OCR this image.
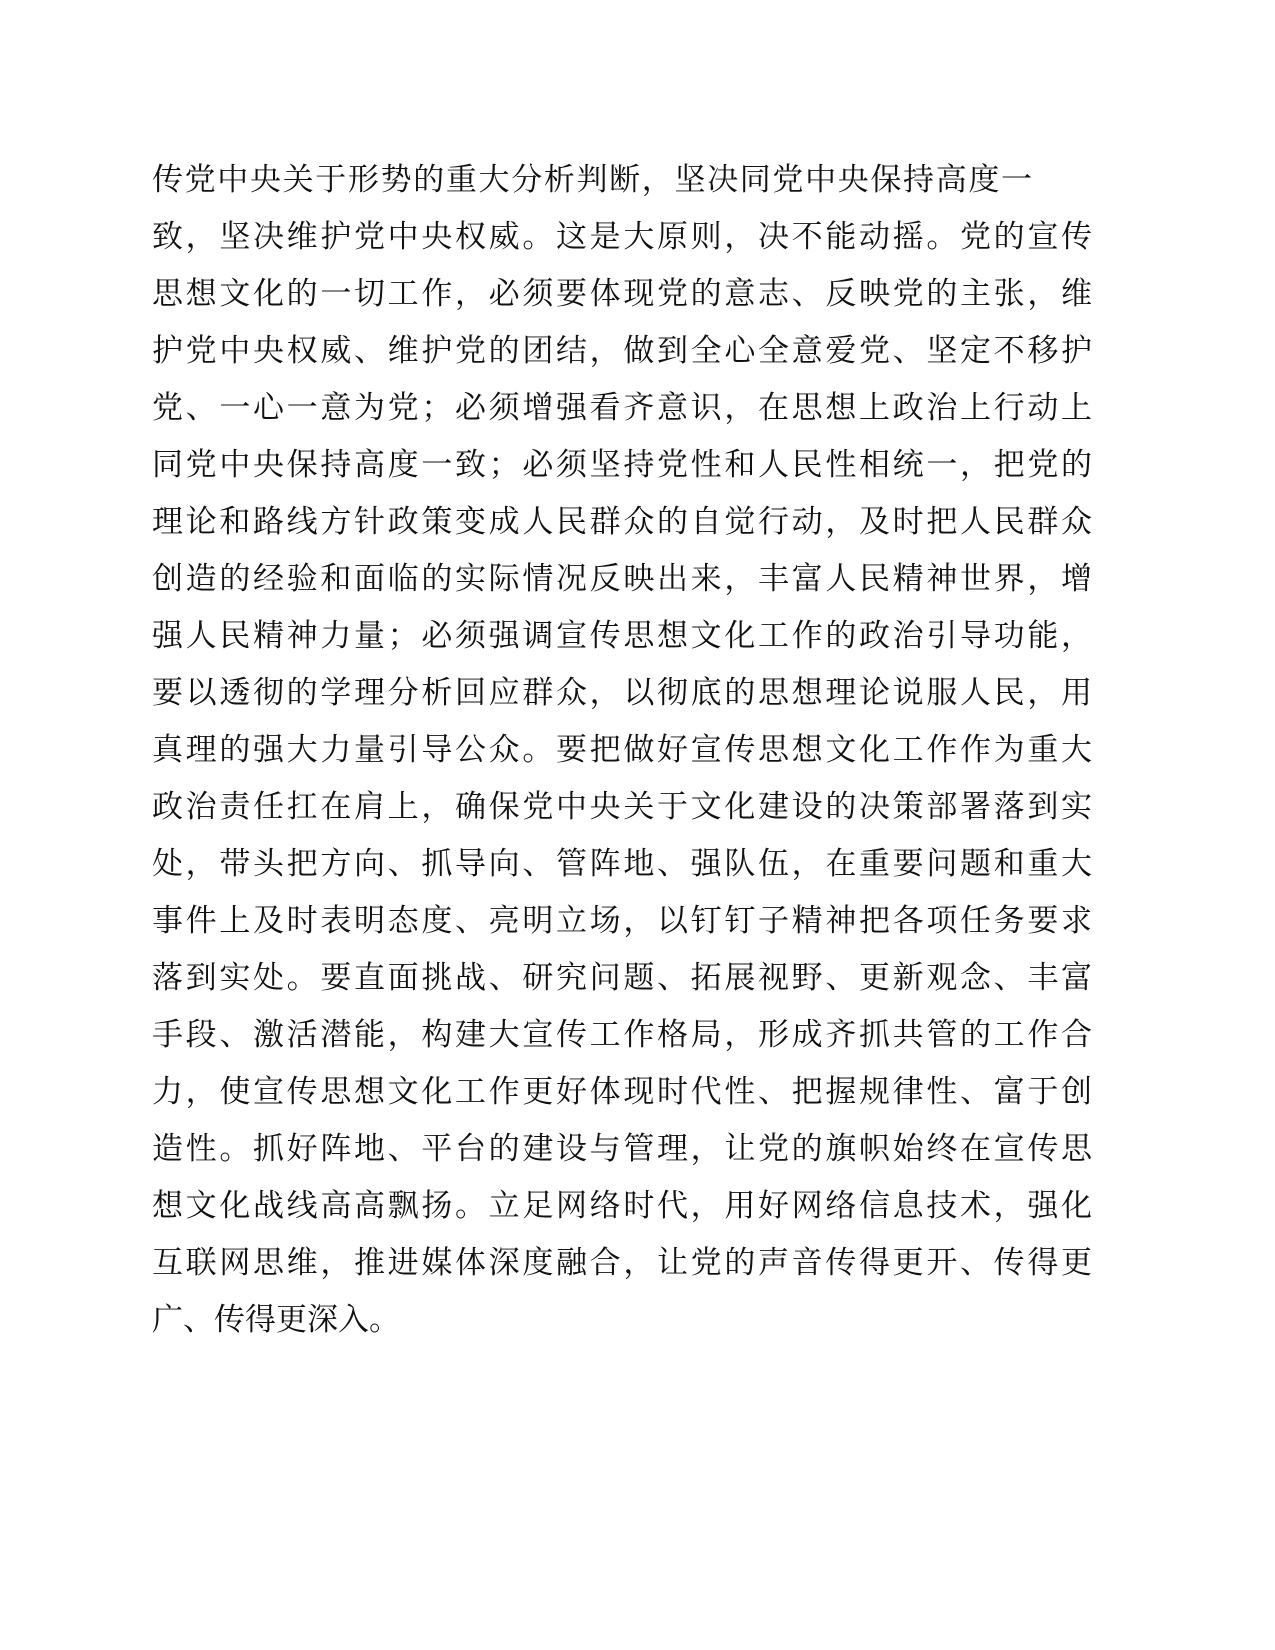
传党中央关于形势的重大分析判断，坚决同党中央保持高度一
致，坚决维护党中央权威。这是大原则，决不能动摇。党的宣传
思想文化的一切工作，必须要体现党的意志、反映党的主张，维
护党中央权威、维护党的团结，做到全心全意爱党、坚定不移护
党、一心一意为党；必须增强看齐意识，在思想上政治上行动上
同党中央保持高度一致；必须坚持党性和人民性相统一，把党的
理论和路线方针政策变成人民群众的自觉行动，及时把人民群众
创造的经验和面临的实际情况反映出来，丰富人民精神世界，增
强人民精神力量；必须强调宣传思想文化工作的政治引导功能，
要以透彻的学理分析回应群众，以彻底的思想理论说服人民，用
真理的强大力量引导公众。要把做好宣传思想文化工作作为重大
政治责任扛在肩上，确保党中央关于文化建设的决策部署落到实
处，带头把方向、抓导向、管阵地、强队伍，在重要问题和重大
事件上及时表明态度、亮明立场，以钉钉子精神把各项任务要求
落到实处。要直面挑战、研究问题、拓展视野、更新观念、丰富
手段、激活潜能，构建大宣传工作格局，形成齐抓共管的工作合
力，使宣传思想文化工作更好体现时代性、把握规律性、富于创
造性。抓好阵地、平台的建设与管理，让党的旗帜始终在宣传思
想文化战线高高飘扬。立足网络时代，用好网络信息技术，强化
互联网思维，推进媒体深度融合，让党的声音传得更开、传得更
广、传得更深入。
